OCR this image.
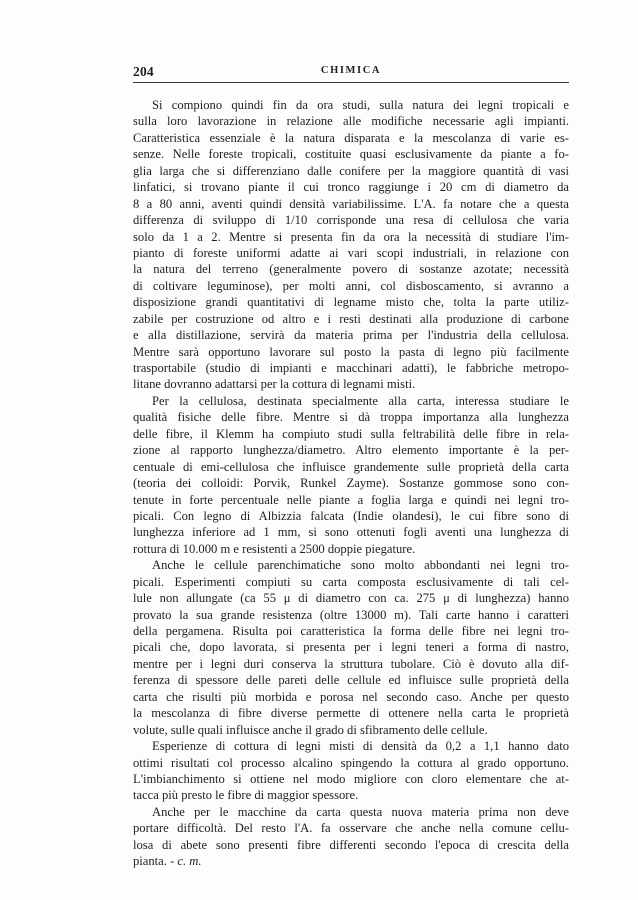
204	CHIMICA
Si compiono quindi fin da ora studi, sulla natura dei legni tropicali e
sulla loro lavorazione in relazione alle modifiche necessarie agli impianti.
Caratteristica essenziale è la natura disparata e la mescolanza di varie es-
senze. Nelle foreste tropicali, costituite quasi esclusivamente da piante a fo-
glia larga che si differenziano dalle conifere per la maggiore quantità di vasi
linfatici, si trovano piante il cui tronco raggiunge i 20 cm di diametro da
8 a 80 anni, aventi quindi densità variabilissime. L'A. fa notare che a questa
differenza di sviluppo di 1/10 corrisponde una resa di cellulosa che varia
solo da 1 a 2. Mentre si presenta fin da ora la necessità di studiare l'im-
pianto di foreste uniformi adatte ai vari scopi industriali, in relazione con
la natura del terreno (generalmente povero di sostanze azotate; necessità
di coltivare leguminose), per molti anni, col disboscamento, si avranno a
disposizione grandi quantitativi di legname misto che, tolta la parte utiliz-
zabile per costruzione od altro e i resti destinati alla produzione di carbone
e alla distillazione, servirà da materia prima per l'industria della cellulosa.
Mentre sarà opportuno lavorare sul posto la pasta di legno più facilmente
trasportabile (studio di impianti e macchinari adatti), le fabbriche metropo-
litane dovranno adattarsi per la cottura di legnami misti.
Per la cellulosa, destinata specialmente alla carta, interessa studiare le
qualità fisiche delle fibre. Mentre si dà troppa importanza alla lunghezza
delle fibre, il Klemm ha compiuto studi sulla feltrabilità delle fibre in rela-
zione al rapporto lunghezza/diametro. Altro elemento importante è la per-
centuale di emi-cellulosa che influisce grandemente sulle proprietà della carta
(teoria dei colloidi: Porvik, Runkel Zayme). Sostanze gommose sono con-
tenute in forte percentuale nelle piante a foglia larga e quindi nei legni tro-
picali. Con legno di Albizzia falcata (Indie olandesi), le cui fibre sono di
lunghezza inferiore ad 1 mm, si sono ottenuti fogli aventi una lunghezza di
rottura di 10.000 m e resistenti a 2500 doppie piegature.
Anche le cellule parenchimatiche sono molto abbondanti nei legni tro-
picali. Esperimenti compiuti su carta composta esclusivamente di tali cel-
lule non allungate (ca 55 μ di diametro con ca. 275 μ di lunghezza) hanno
provato la sua grande resistenza (oltre 13000 m). Tali carte hanno i caratteri
della pergamena. Risulta poi caratteristica la forma delle fibre nei legni tro-
picali che, dopo lavorata, si presenta per i legni teneri a forma di nastro,
mentre per i legni duri conserva la struttura tubolare. Ciò è dovuto alla dif-
ferenza di spessore delle pareti delle cellule ed influisce sulle proprietà della
carta che risulti più morbida e porosa nel secondo caso. Anche per questo
la mescolanza di fibre diverse permette di ottenere nella carta le proprietà
volute, sulle quali influisce anche il grado di sfibramento delle cellule.
Esperienze di cottura di legni misti di densità da 0,2 a 1,1 hanno dato
ottimi risultati col processo alcalino spingendo la cottura al grado opportuno.
L'imbianchimento si ottiene nel modo migliore con cloro elementare che at-
tacca più presto le fibre di maggior spessore.
Anche per le macchine da carta questa nuova materia prima non deve
portare difficoltà. Del resto l'A. fa osservare che anche nella comune cellu-
losa di abete sono presenti fibre differenti secondo l'epoca di crescita della
pianta. - c. m.
